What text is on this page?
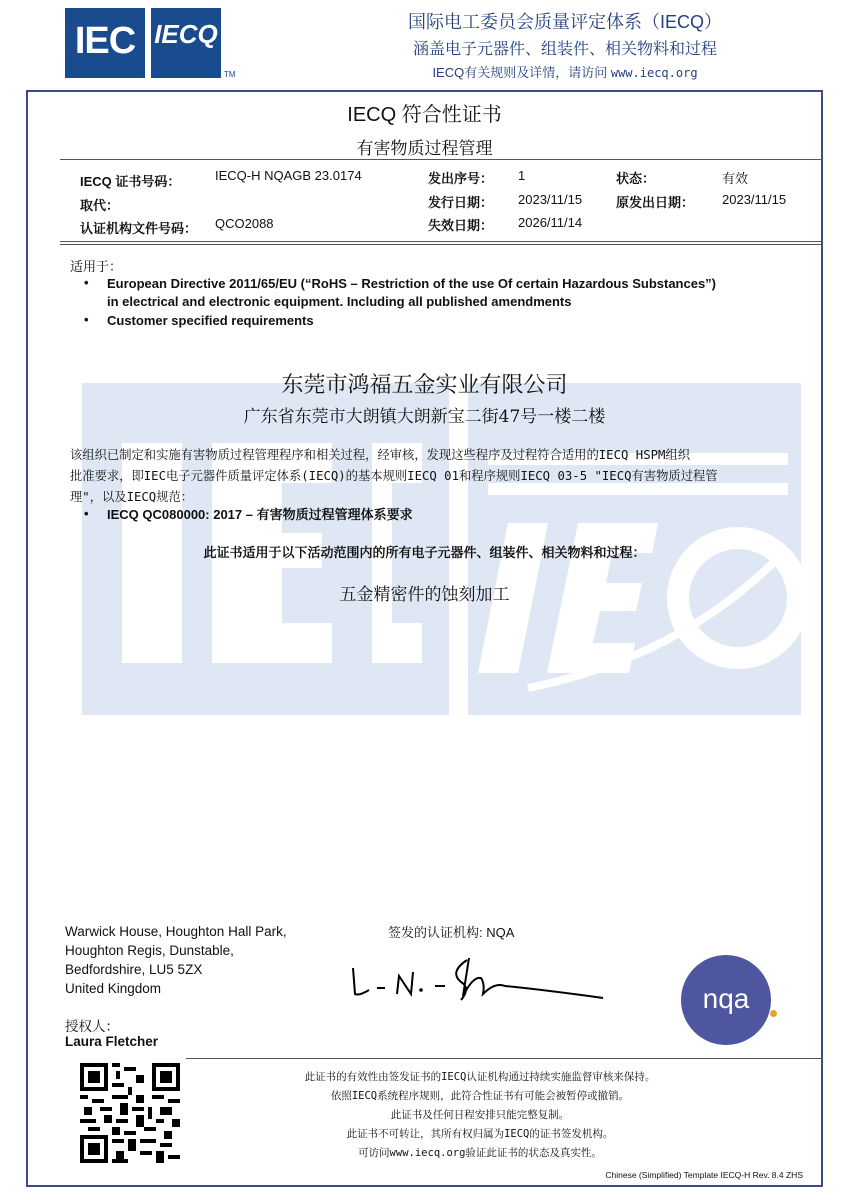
IEC
®
IECQ
TM
国际电工委员会质量评定体系（IECQ）
涵盖电子元器件、组装件、相关物料和过程
IECQ有关规则及详情，请访问 www.iecq.org
IECQ 符合性证书
有害物质过程管理
IECQ 证书号码：	IECQ-H NQAGB 23.0174
取代：
认证机构文件号码： QCO2088
发出序号： 1
发行日期： 2023/11/15
失效日期： 2026/11/14
状态：	有效
原发出日期： 2023/11/15
适用于：
• European Directive 2011/65/EU (“RoHS – Restriction of the use Of certain Hazardous Substances”)
in electrical and electronic equipment. Including all published amendments
• Customer specified requirements
东莞市鸿福五金实业有限公司
广东省东莞市大朗镇大朗新宝二街47号一楼二楼
该组织已制定和实施有害物质过程管理程序和相关过程，经审核，发现这些程序及过程符合适用的IECQ HSPM组织
批准要求，即IEC电子元器件质量评定体系(IECQ)的基本规则IECQ 01和程序规则IECQ 03-5 "IECQ有害物质过程管
理"，以及IECQ规范：
• IECQ QC080000: 2017 – 有害物质过程管理体系要求
此证书适用于以下活动范围内的所有电子元器件、组装件、相关物料和过程：
五金精密件的蚀刻加工
Warwick House, Houghton Hall Park,
Houghton Regis, Dunstable,
Bedfordshire, LU5 5ZX
United Kingdom
签发的认证机构: NQA
nqa
授权人：
Laura Fletcher
此证书的有效性由签发证书的IECQ认证机构通过持续实施监督审核来保持。
依照IECQ系统程序规则，此符合性证书有可能会被暂停或撤销。
此证书及任何日程安排只能完整复制。
此证书不可转让，其所有权归属为IECQ的证书签发机构。
可访问www.iecq.org验证此证书的状态及真实性。
Chinese (Simplified) Template IECQ-H Rev. 8.4 ZHS
